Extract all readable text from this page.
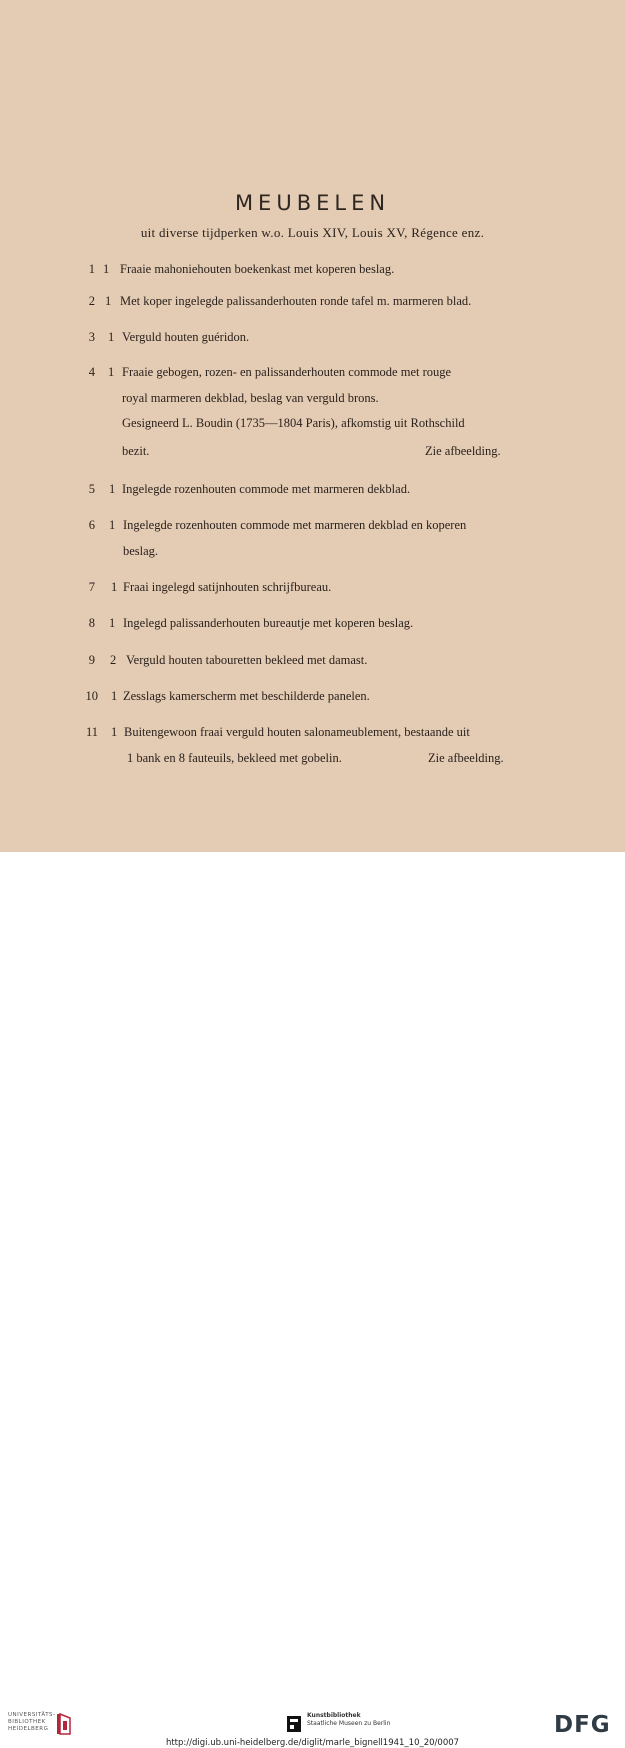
MEUBELEN
uit diverse tijdperken w.o. Louis XIV, Louis XV, Régence enz.
1 1 Fraaie mahoniehouten boekenkast met koperen beslag.
2 1 Met koper ingelegde palissanderhouten ronde tafel m. marmeren blad.
3 1 Verguld houten guéridon.
4 1 Fraaie gebogen, rozen- en palissanderhouten commode met rouge
royal marmeren dekblad, beslag van verguld brons.
Gesigneerd L. Boudin (1735—1804 Paris), afkomstig uit Rothschild
bezit.	Zie afbeelding.
5 1 Ingelegde rozenhouten commode met marmeren dekblad.
6 1 Ingelegde rozenhouten commode met marmeren dekblad en koperen
beslag.
7 1 Fraai ingelegd satijnhouten schrijfbureau.
8 1 Ingelegd palissanderhouten bureautje met koperen beslag.
9 2 Verguld houten tabouretten bekleed met damast.
10 1 Zesslags kamerscherm met beschilderde panelen.
11 1 Buitengewoon fraai verguld houten salonameublement, bestaande uit
1 bank en 8 fauteuils, bekleed met gobelin.	Zie afbeelding.
UNIVERSITÄTS-
BIBLIOTHEK
HEIDELBERG
Kunstbibliothek
Staatliche Museen zu Berlin	DFG
http://digi.ub.uni-heidelberg.de/diglit/marle_bignell1941_10_20/0007
